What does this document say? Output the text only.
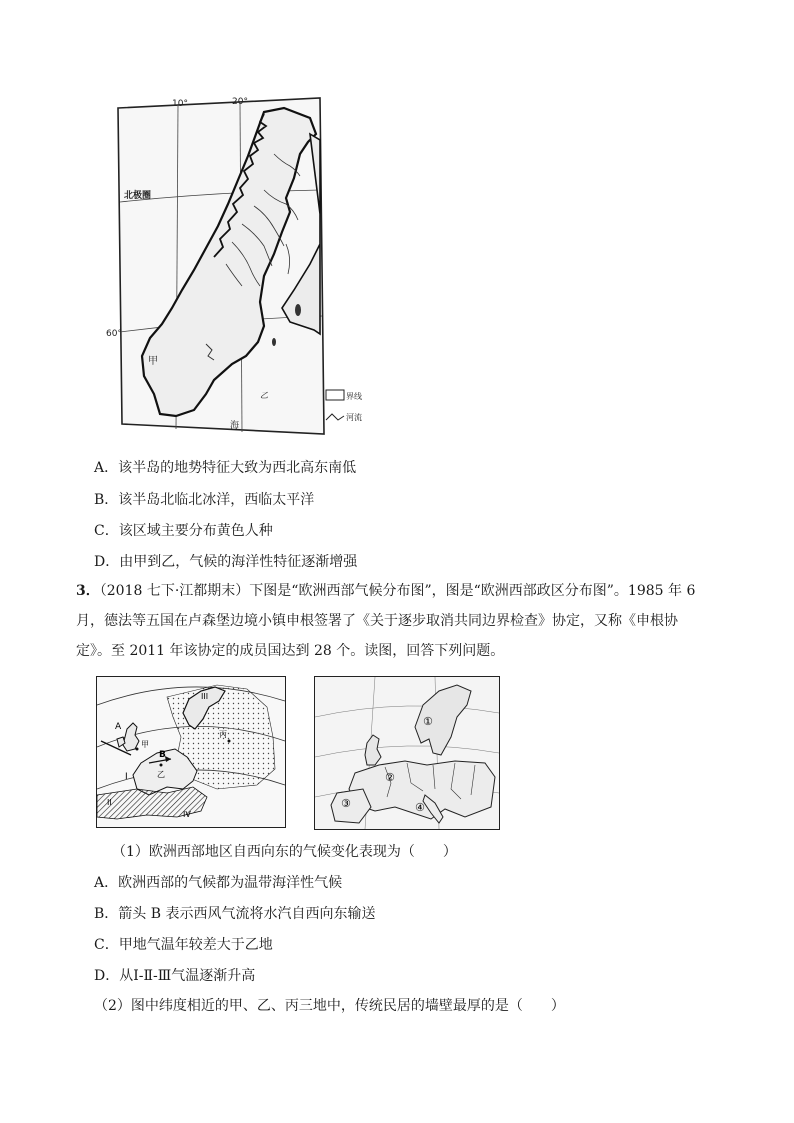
10°	20°
北极圈
60°
甲
乙
海
界线
河流
A．该半岛的地势特征大致为西北高东南低
B．该半岛北临北冰洋，西临太平洋
C．该区域主要分布黄色人种
D．由甲到乙，气候的海洋性特征逐渐增强
3．（2018 七下·江都期末）下图是“欧洲西部气候分布图”，图是“欧洲西部政区分布图”。1985 年 6 月，德法等五国在卢森堡边境小镇申根签署了《关于逐步取消共同边界检查》协定，又称《申根协定》。至 2011 年该协定的成员国达到 28 个。读图，回答下列问题。
A
B
甲
乙
丙
I
II
III
IV
①
②
③	④
（1）欧洲西部地区自西向东的气候变化表现为（　　）
A．欧洲西部的气候都为温带海洋性气候
B．箭头 B 表示西风气流将水汽自西向东输送
C．甲地气温年较差大于乙地
D．从Ⅰ-Ⅱ-Ⅲ气温逐渐升高
（2）图中纬度相近的甲、乙、丙三地中，传统民居的墙壁最厚的是（　　）
